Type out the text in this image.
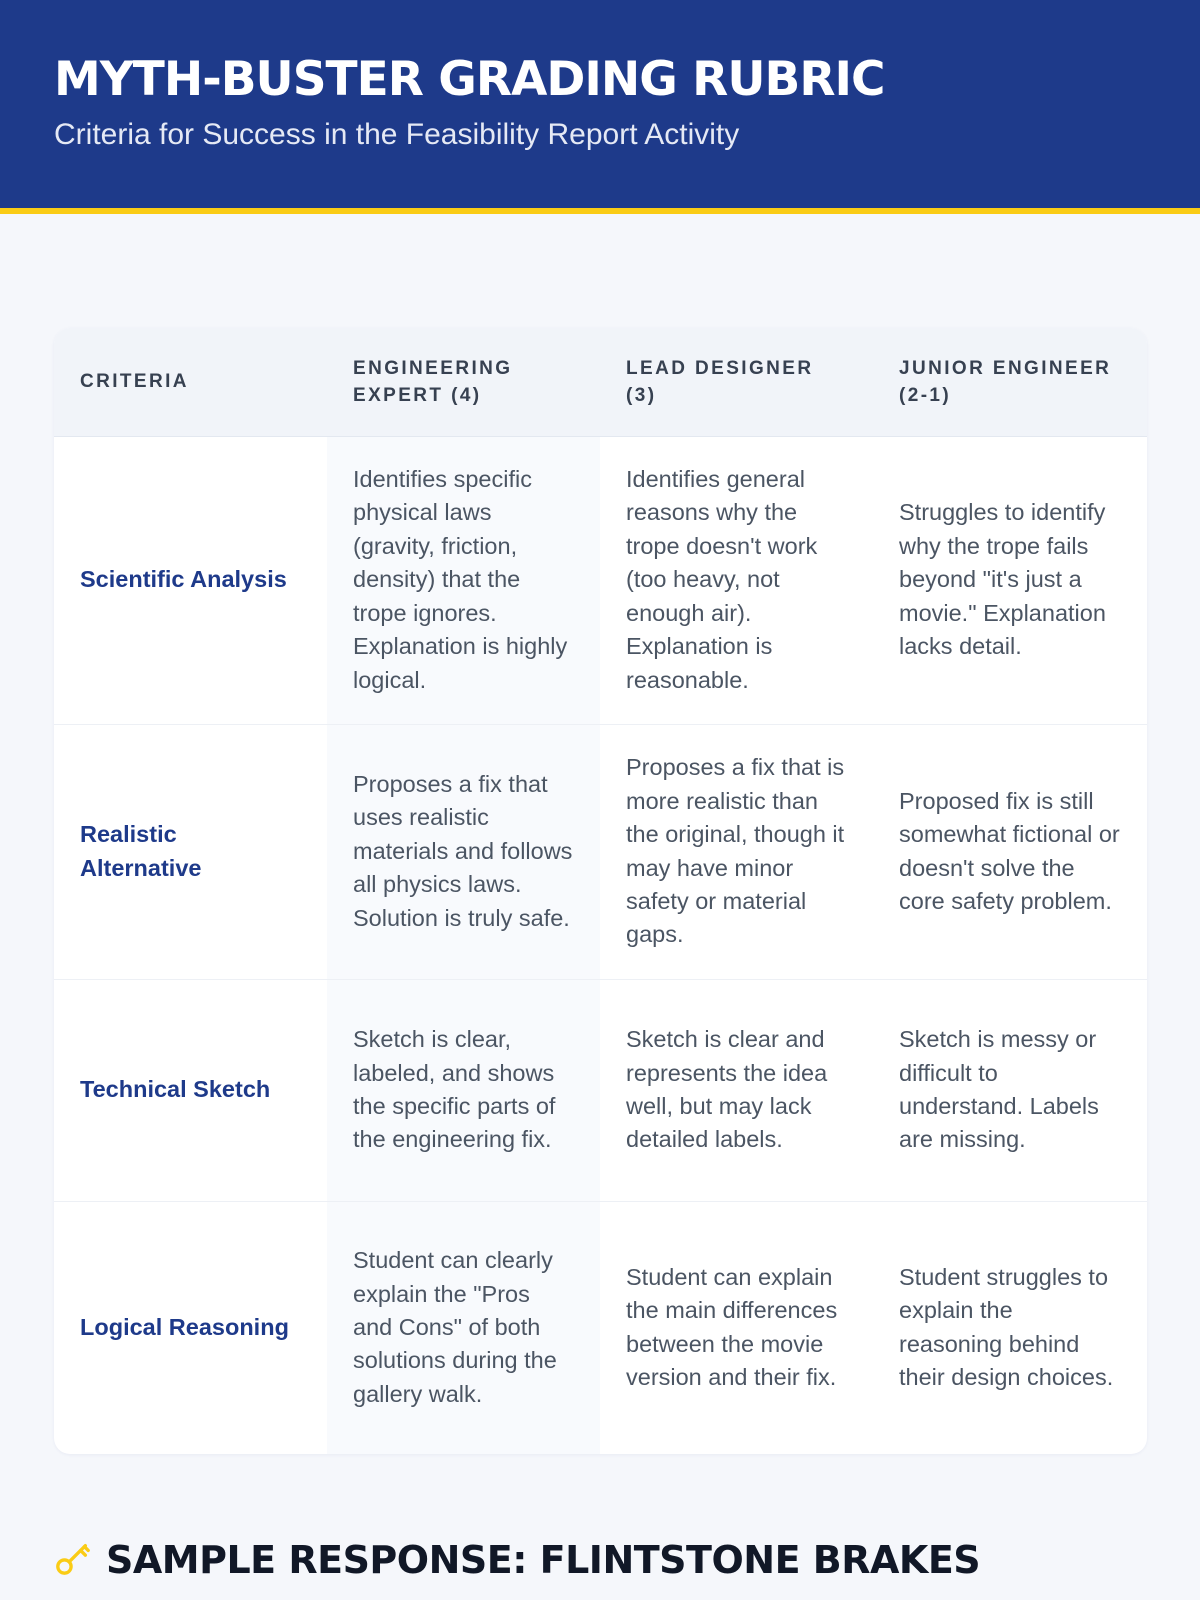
MYTH-BUSTER GRADING RUBRIC

Criteria for Success in the Feasibility Report Activity

CRITERIA	ENGINEERING EXPERT (4)	LEAD DESIGNER (3)	JUNIOR ENGINEER (2-1)
Scientific Analysis	Identifies specific physical laws (gravity, friction, density) that the trope ignores. Explanation is highly logical.	Identifies general reasons why the trope doesn't work (too heavy, not enough air). Explanation is reasonable.	Struggles to identify why the trope fails beyond "it's just a movie." Explanation lacks detail.
Realistic Alternative	Proposes a fix that uses realistic materials and follows all physics laws. Solution is truly safe.	Proposes a fix that is more realistic than the original, though it may have minor safety or material gaps.	Proposed fix is still somewhat fictional or doesn't solve the core safety problem.
Technical Sketch	Sketch is clear, labeled, and shows the specific parts of the engineering fix.	Sketch is clear and represents the idea well, but may lack detailed labels.	Sketch is messy or difficult to understand. Labels are missing.
Logical Reasoning	Student can clearly explain the "Pros and Cons" of both solutions during the gallery walk.	Student can explain the main differences between the movie version and their fix.	Student struggles to explain the reasoning behind their design choices.
SAMPLE RESPONSE: FLINTSTONE BRAKES
